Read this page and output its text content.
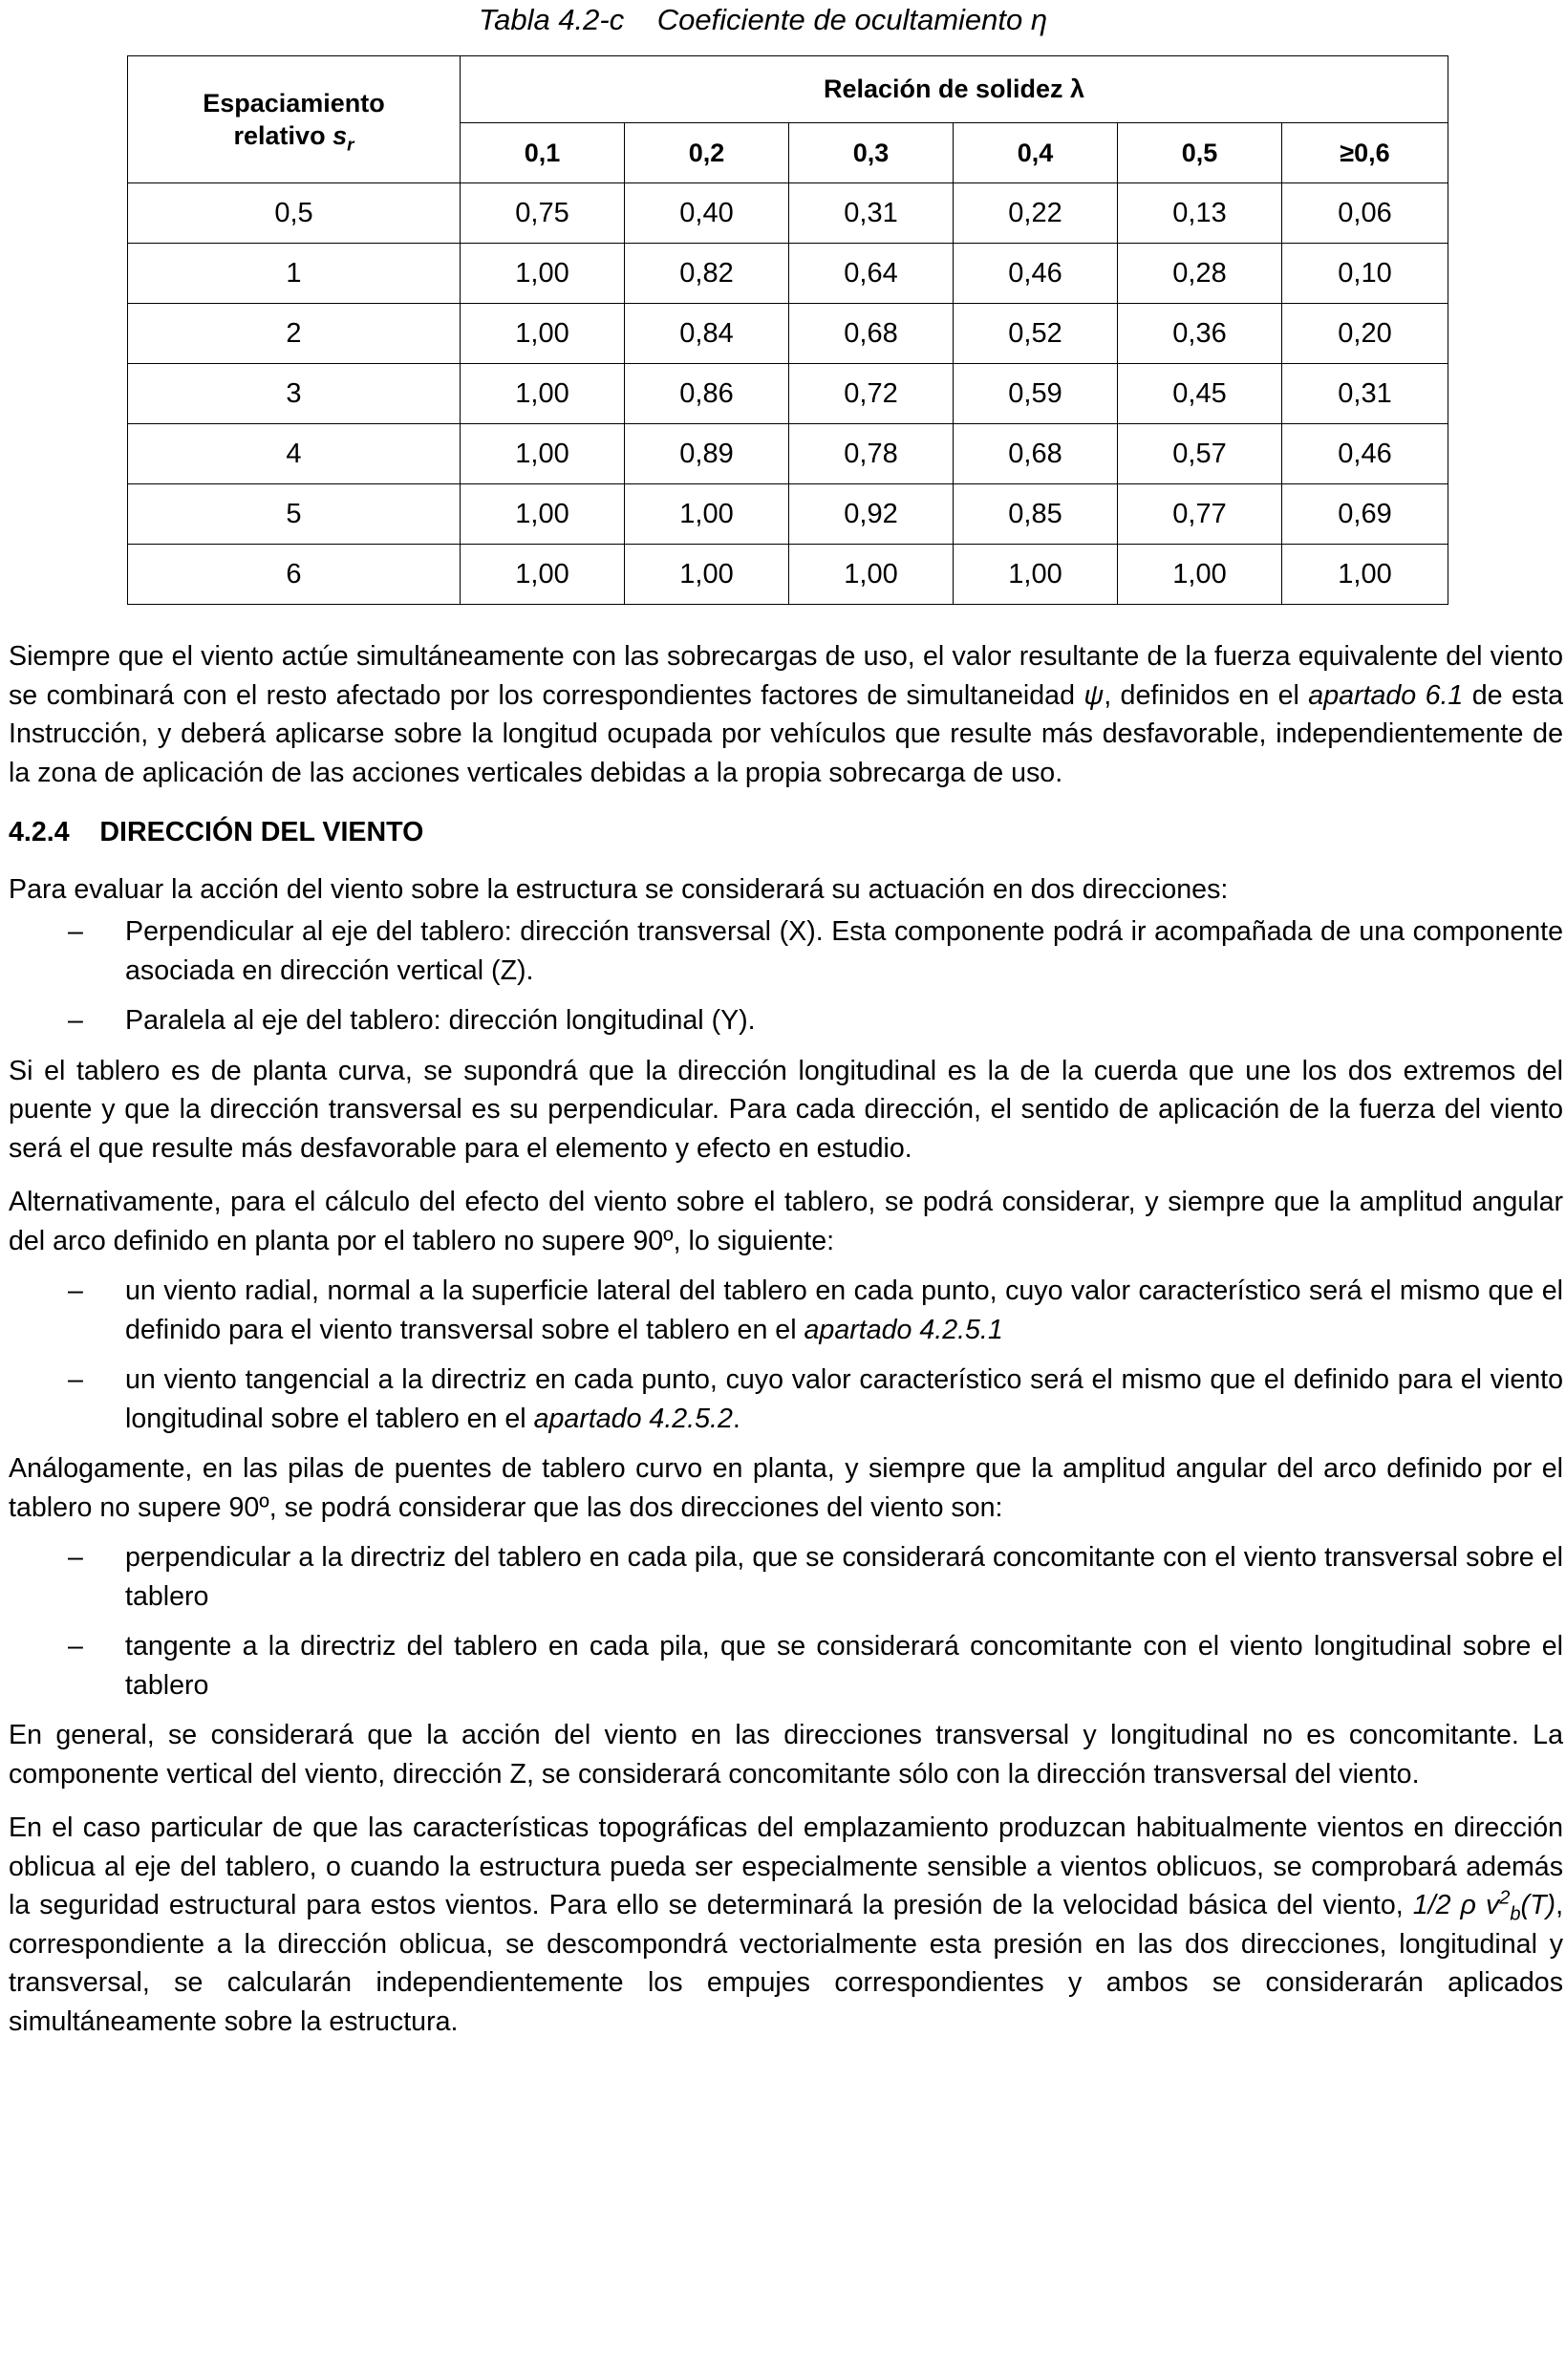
Tabla 4.2-c Coeficiente de ocultamiento η
Espaciamiento
relativo $s_r$	Relación de solidez λ					
	0,1	0,2	0,3	0,4	0,5	≥0,6
0,5	0,75	0,40	0,31	0,22	0,13	0,06
1	1,00	0,82	0,64	0,46	0,28	0,10
2	1,00	0,84	0,68	0,52	0,36	0,20
3	1,00	0,86	0,72	0,59	0,45	0,31
4	1,00	0,89	0,78	0,68	0,57	0,46
5	1,00	1,00	0,92	0,85	0,77	0,69
6	1,00	1,00	1,00	1,00	1,00	1,00

Siempre que el viento actúe simultáneamente con las sobrecargas de uso, el valor resultante de la fuerza equivalente del viento se combinará con el resto afectado por los correspondientes factores de simultaneidad ψ, definidos en el apartado 6.1 de esta Instrucción, y deberá aplicarse sobre la longitud ocupada por vehículos que resulte más desfavorable, independientemente de la zona de aplicación de las acciones verticales debidas a la propia sobrecarga de uso.

4.2.4 DIRECCIÓN DEL VIENTO

Para evaluar la acción del viento sobre la estructura se considerará su actuación en dos direcciones:

– Perpendicular al eje del tablero: dirección transversal (X). Esta componente podrá ir acompañada de una componente asociada en dirección vertical (Z).
– Paralela al eje del tablero: dirección longitudinal (Y).

Si el tablero es de planta curva, se supondrá que la dirección longitudinal es la de la cuerda que une los dos extremos del puente y que la dirección transversal es su perpendicular. Para cada dirección, el sentido de aplicación de la fuerza del viento será el que resulte más desfavorable para el elemento y efecto en estudio.

Alternativamente, para el cálculo del efecto del viento sobre el tablero, se podrá considerar, y siempre que la amplitud angular del arco definido en planta por el tablero no supere 90º, lo siguiente:

– un viento radial, normal a la superficie lateral del tablero en cada punto, cuyo valor característico será el mismo que el definido para el viento transversal sobre el tablero en el apartado 4.2.5.1
– un viento tangencial a la directriz en cada punto, cuyo valor característico será el mismo que el definido para el viento longitudinal sobre el tablero en el apartado 4.2.5.2.

Análogamente, en las pilas de puentes de tablero curvo en planta, y siempre que la amplitud angular del arco definido por el tablero no supere 90º, se podrá considerar que las dos direcciones del viento son:

– perpendicular a la directriz del tablero en cada pila, que se considerará concomitante con el viento transversal sobre el tablero
– tangente a la directriz del tablero en cada pila, que se considerará concomitante con el viento longitudinal sobre el tablero

En general, se considerará que la acción del viento en las direcciones transversal y longitudinal no es concomitante. La componente vertical del viento, dirección Z, se considerará concomitante sólo con la dirección transversal del viento.

En el caso particular de que las características topográficas del emplazamiento produzcan habitualmente vientos en dirección oblicua al eje del tablero, o cuando la estructura pueda ser especialmente sensible a vientos oblicuos, se comprobará además la seguridad estructural para estos vientos. Para ello se determinará la presión de la velocidad básica del viento, 1/2 ρ $v^2_b(T)$, correspondiente a la dirección oblicua, se descompondrá vectorialmente esta presión en las dos direcciones, longitudinal y transversal, se calcularán independientemente los empujes correspondientes y ambos se considerarán aplicados simultáneamente sobre la estructura.
